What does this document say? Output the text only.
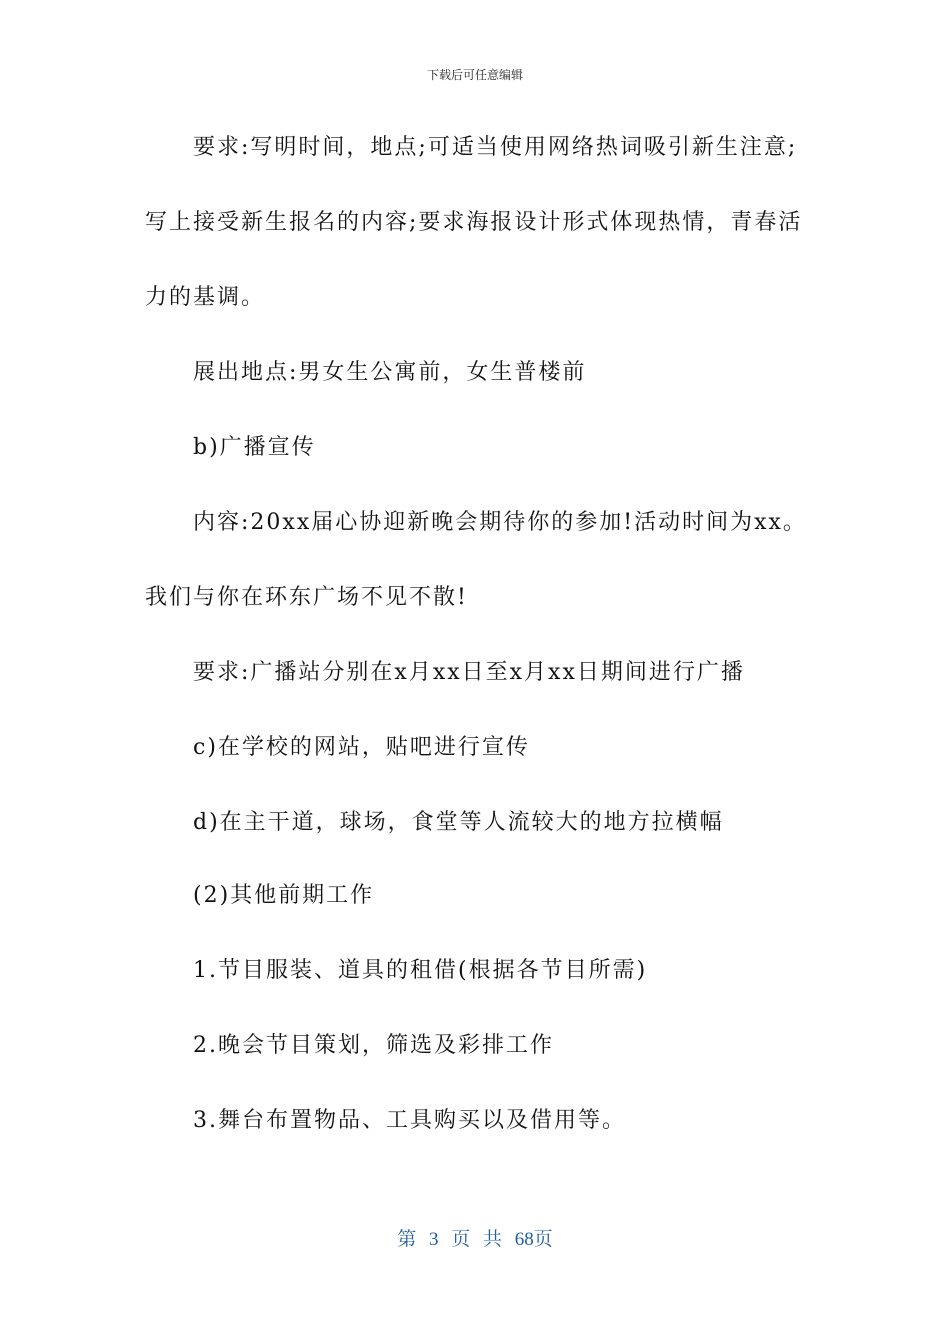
下载后可任意编辑
要求:写明时间，地点;可适当使用网络热词吸引新生注意;
写上接受新生报名的内容;要求海报设计形式体现热情，青春活
力的基调。
展出地点:男女生公寓前，女生普楼前
b)广播宣传
内容:20xx届心协迎新晚会期待你的参加!活动时间为xx。
我们与你在环东广场不见不散!
要求:广播站分别在x月xx日至x月xx日期间进行广播
c)在学校的网站，贴吧进行宣传
d)在主干道，球场，食堂等人流较大的地方拉横幅
(2)其他前期工作
1.节目服装、道具的租借(根据各节目所需)
2.晚会节目策划，筛选及彩排工作
3.舞台布置物品、工具购买以及借用等。
第 3 页 共 68页
